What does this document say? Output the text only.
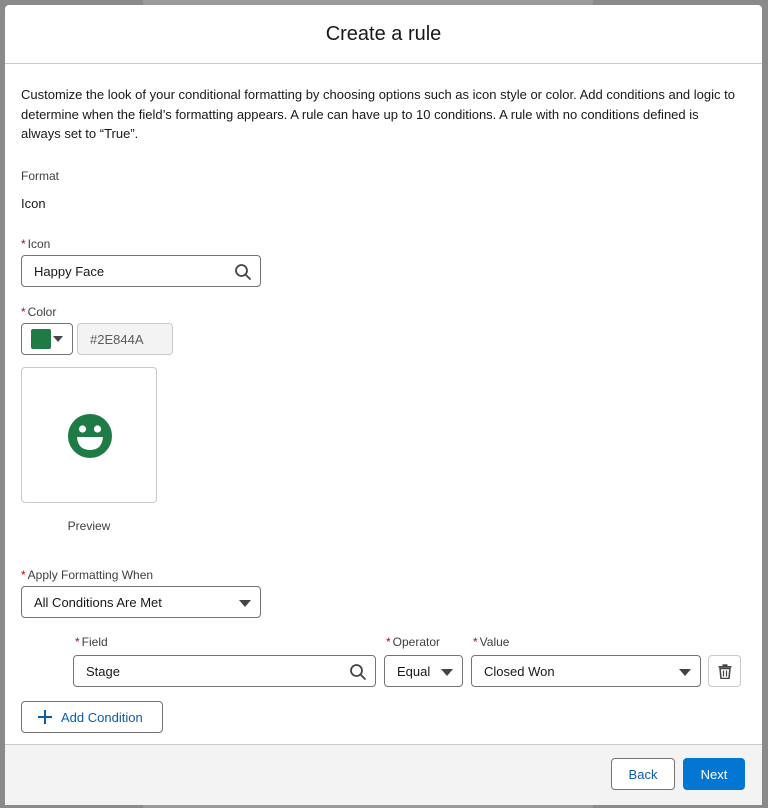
Create a rule
Customize the look of your conditional formatting by choosing options such as icon style or color. Add conditions and logic to determine when the field’s formatting appears. A rule can have up to 10 conditions. A rule with no conditions defined is always set to “True”.
Format
Icon
* Icon
Happy Face
* Color
#2E844A
Preview
* Apply Formatting When
All Conditions Are Met
* Field	* Operator	* Value
Stage	Equal	Closed Won
Add Condition
Back	Next
